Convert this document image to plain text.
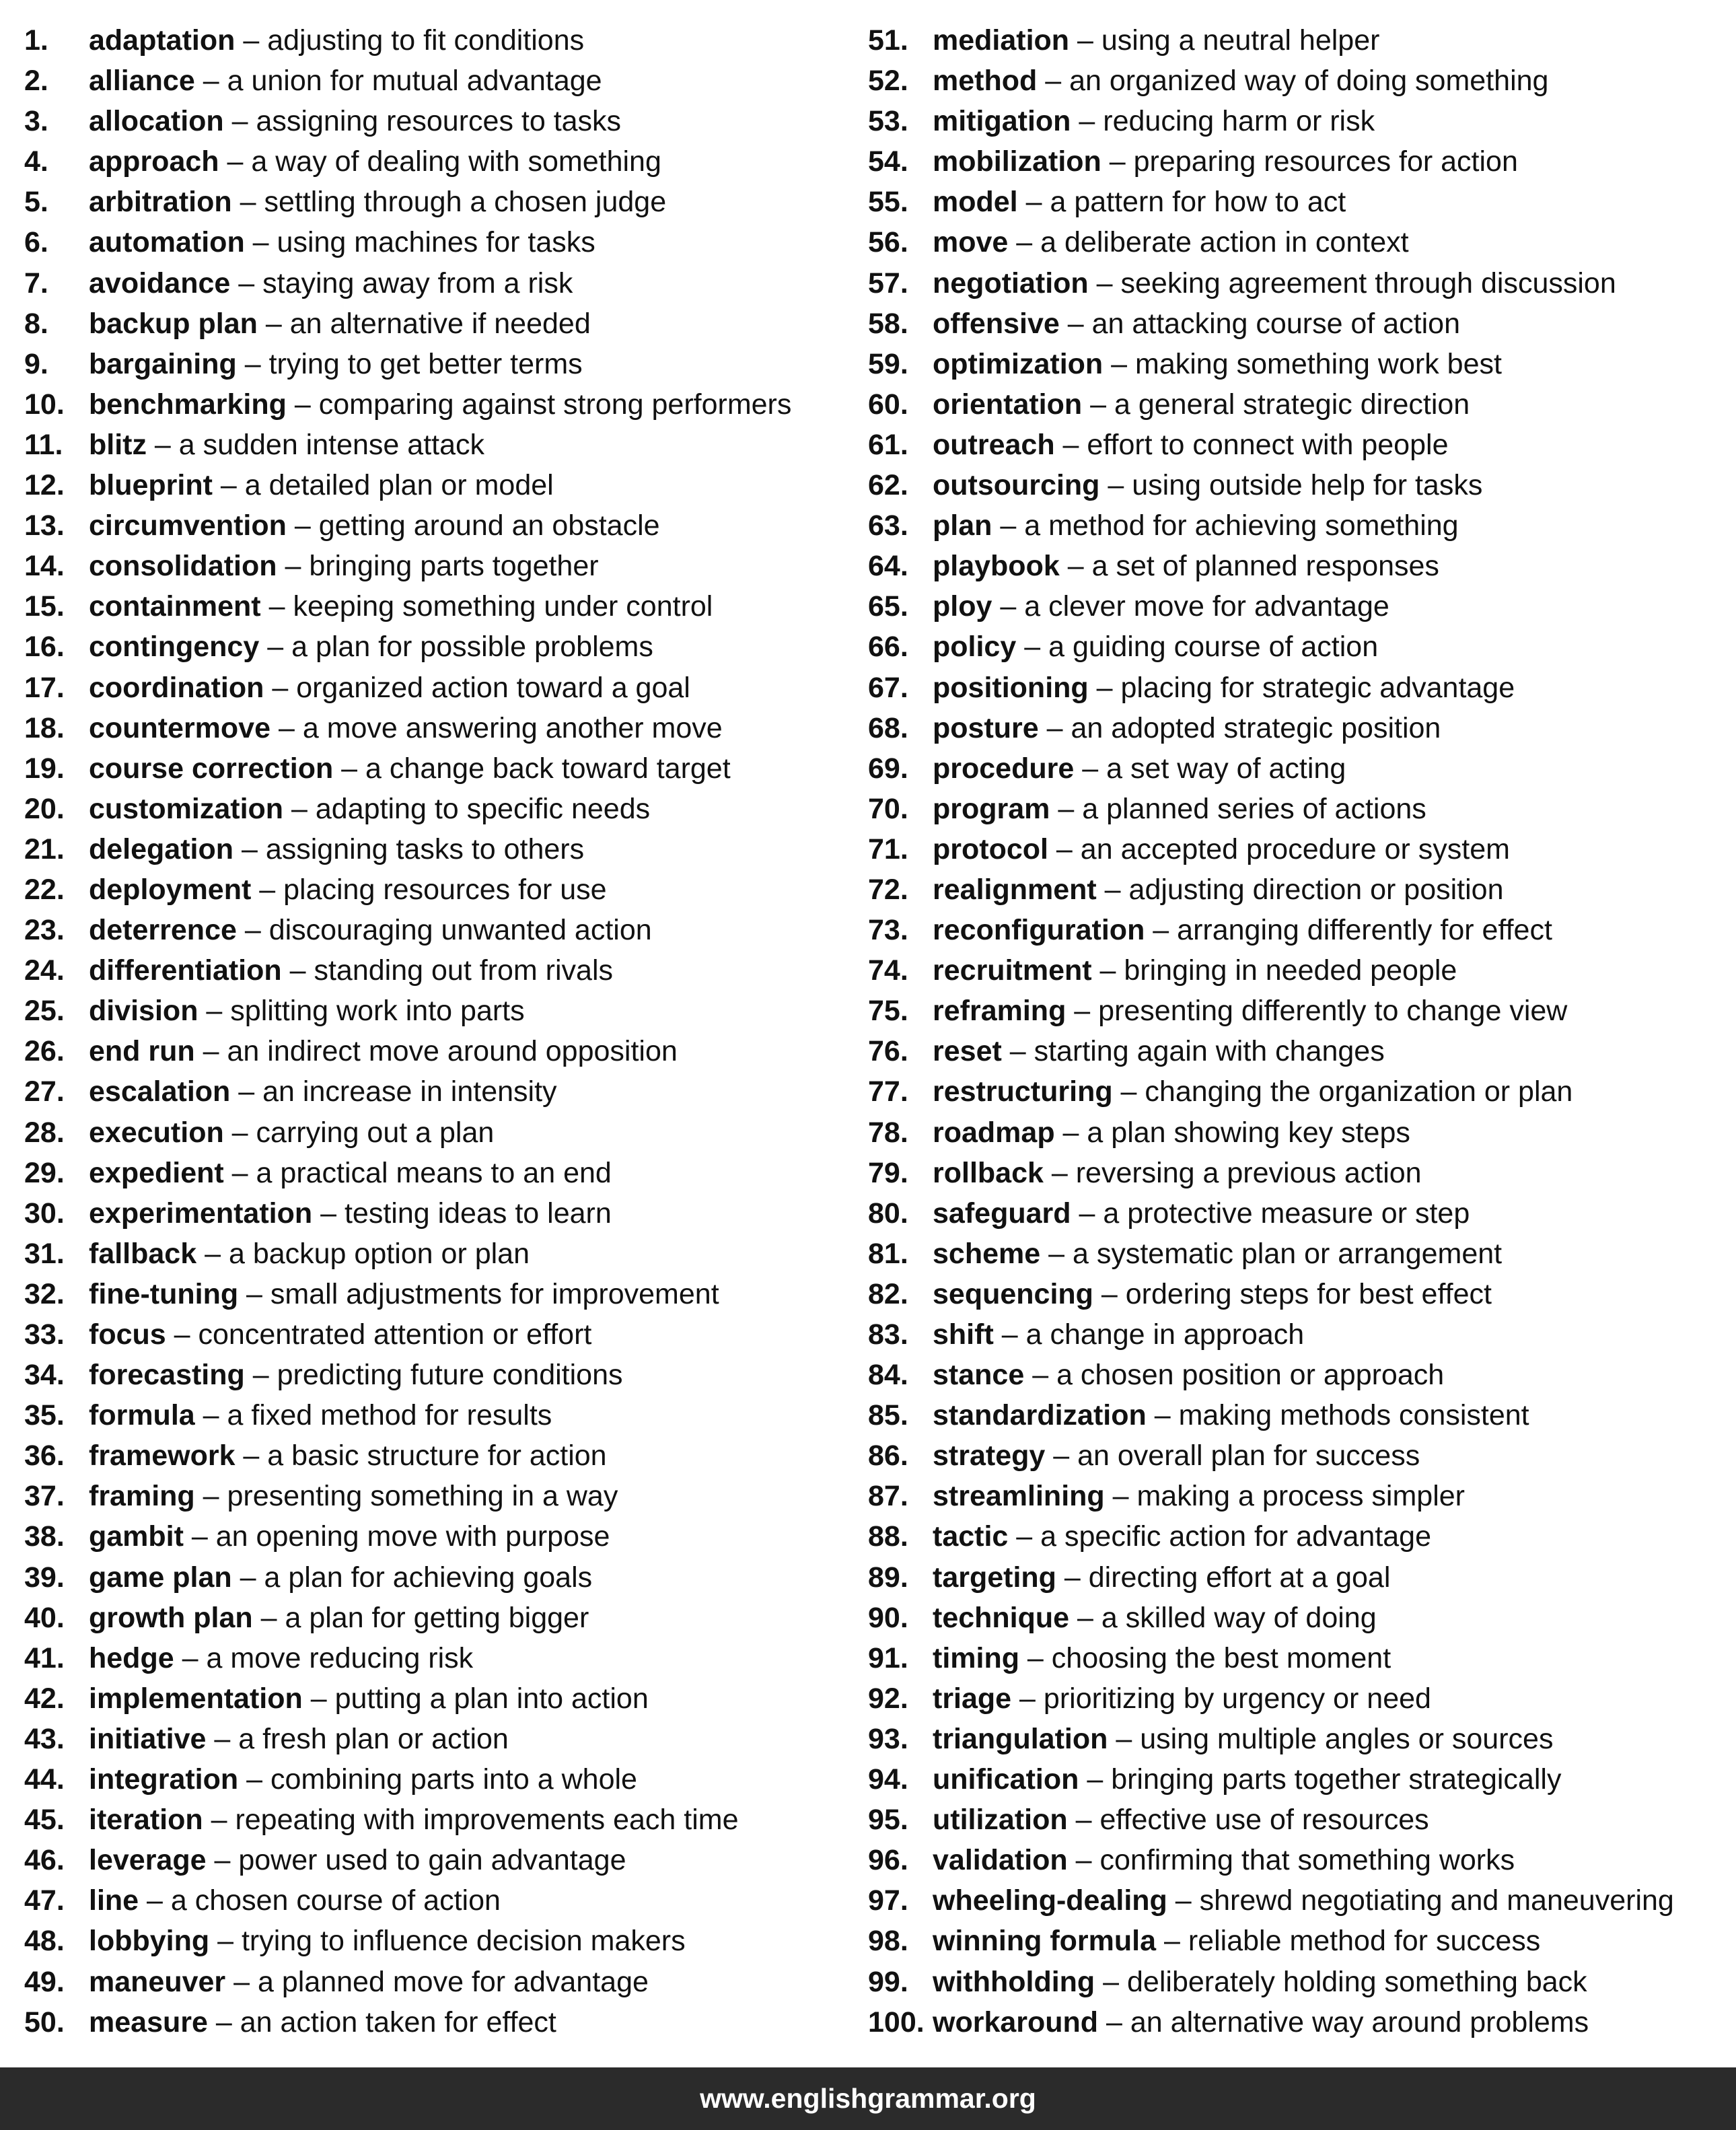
1. adaptation – adjusting to fit conditions
2. alliance – a union for mutual advantage
3. allocation – assigning resources to tasks
4. approach – a way of dealing with something
5. arbitration – settling through a chosen judge
6. automation – using machines for tasks
7. avoidance – staying away from a risk
8. backup plan – an alternative if needed
9. bargaining – trying to get better terms
10. benchmarking – comparing against strong performers
11. blitz – a sudden intense attack
12. blueprint – a detailed plan or model
13. circumvention – getting around an obstacle
14. consolidation – bringing parts together
15. containment – keeping something under control
16. contingency – a plan for possible problems
17. coordination – organized action toward a goal
18. countermove – a move answering another move
19. course correction – a change back toward target
20. customization – adapting to specific needs
21. delegation – assigning tasks to others
22. deployment – placing resources for use
23. deterrence – discouraging unwanted action
24. differentiation – standing out from rivals
25. division – splitting work into parts
26. end run – an indirect move around opposition
27. escalation – an increase in intensity
28. execution – carrying out a plan
29. expedient – a practical means to an end
30. experimentation – testing ideas to learn
31. fallback – a backup option or plan
32. fine-tuning – small adjustments for improvement
33. focus – concentrated attention or effort
34. forecasting – predicting future conditions
35. formula – a fixed method for results
36. framework – a basic structure for action
37. framing – presenting something in a way
38. gambit – an opening move with purpose
39. game plan – a plan for achieving goals
40. growth plan – a plan for getting bigger
41. hedge – a move reducing risk
42. implementation – putting a plan into action
43. initiative – a fresh plan or action
44. integration – combining parts into a whole
45. iteration – repeating with improvements each time
46. leverage – power used to gain advantage
47. line – a chosen course of action
48. lobbying – trying to influence decision makers
49. maneuver – a planned move for advantage
50. measure – an action taken for effect
51. mediation – using a neutral helper
52. method – an organized way of doing something
53. mitigation – reducing harm or risk
54. mobilization – preparing resources for action
55. model – a pattern for how to act
56. move – a deliberate action in context
57. negotiation – seeking agreement through discussion
58. offensive – an attacking course of action
59. optimization – making something work best
60. orientation – a general strategic direction
61. outreach – effort to connect with people
62. outsourcing – using outside help for tasks
63. plan – a method for achieving something
64. playbook – a set of planned responses
65. ploy – a clever move for advantage
66. policy – a guiding course of action
67. positioning – placing for strategic advantage
68. posture – an adopted strategic position
69. procedure – a set way of acting
70. program – a planned series of actions
71. protocol – an accepted procedure or system
72. realignment – adjusting direction or position
73. reconfiguration – arranging differently for effect
74. recruitment – bringing in needed people
75. reframing – presenting differently to change view
76. reset – starting again with changes
77. restructuring – changing the organization or plan
78. roadmap – a plan showing key steps
79. rollback – reversing a previous action
80. safeguard – a protective measure or step
81. scheme – a systematic plan or arrangement
82. sequencing – ordering steps for best effect
83. shift – a change in approach
84. stance – a chosen position or approach
85. standardization – making methods consistent
86. strategy – an overall plan for success
87. streamlining – making a process simpler
88. tactic – a specific action for advantage
89. targeting – directing effort at a goal
90. technique – a skilled way of doing
91. timing – choosing the best moment
92. triage – prioritizing by urgency or need
93. triangulation – using multiple angles or sources
94. unification – bringing parts together strategically
95. utilization – effective use of resources
96. validation – confirming that something works
97. wheeling-dealing – shrewd negotiating and maneuvering
98. winning formula – reliable method for success
99. withholding – deliberately holding something back
100. workaround – an alternative way around problems
www.englishgrammar.org
